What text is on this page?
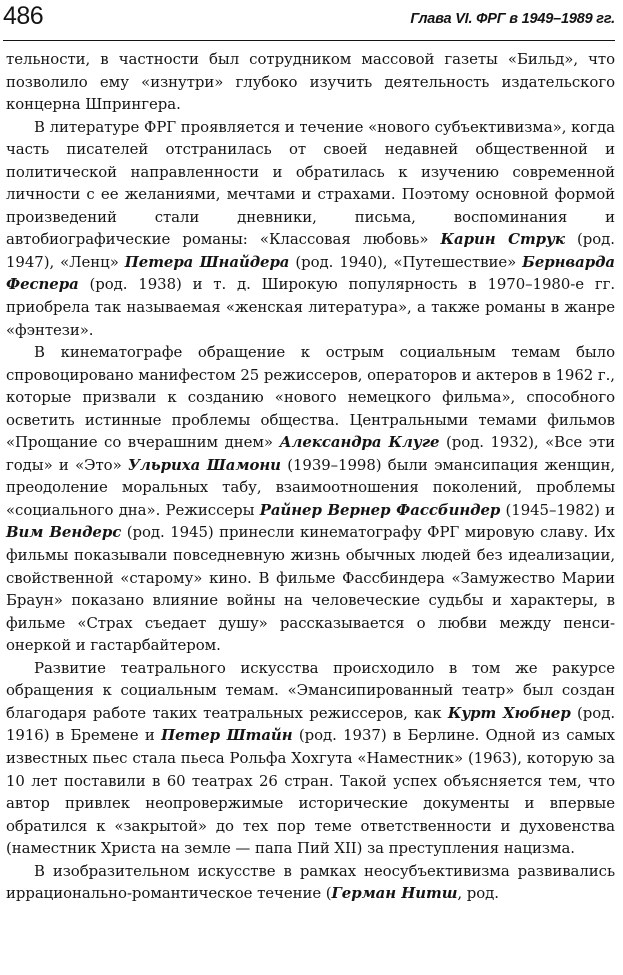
486	Глава VI. ФРГ в 1949–1989 гг.

тельности, в частности был сотрудником массовой газеты «Бильд», что позволило ему «изнутри» глубоко изучить деятельность издательского концерна Шпрингера.

В литературе ФРГ проявляется и течение «нового субъективизма», когда часть писателей отстранилась от своей недавней общественной и политической направленности и обратилась к изучению современной личности с ее желаниями, мечтами и страхами. Поэтому основной формой произведений стали дневники, письма, воспоминания и автобиографические романы: «Классовая любовь» Карин Струк (род. 1947), «Ленц» Петера Шнайдера (род. 1940), «Путешествие» Бернварда Феспера (род. 1938) и т. д. Широкую популярность в 1970–1980-е гг. приобрела так называемая «женская литература», а также романы в жанре «фэнтези».

В кинематографе обращение к острым социальным темам было спровоцировано манифестом 25 режиссеров, операторов и актеров в 1962 г., которые призвали к созданию «нового немецкого фильма», способного осветить истинные проблемы общества. Центральными темами фильмов «Прощание со вчерашним днем» Александра Клуге (род. 1932), «Все эти годы» и «Это» Ульриха Шамони (1939–1998) были эмансипация женщин, преодоление моральных табу, взаимоотношения поколений, проблемы «социального дна». Режиссеры Райнер Вернер Фассбиндер (1945–1982) и Вим Вендерс (род. 1945) принесли кинематографу ФРГ мировую славу. Их фильмы показывали повседневную жизнь обычных людей без идеализации, свойственной «старому» кино. В фильме Фассбиндера «Замужество Марии Браун» показано влияние войны на человеческие судьбы и характеры, в фильме «Страх съедает душу» рассказывается о любви между пенсионеркой и гастарбайтером.

Развитие театрального искусства происходило в том же ракурсе обращения к социальным темам. «Эмансипированный театр» был создан благодаря работе таких театральных режиссеров, как Курт Хюбнер (род. 1916) в Бремене и Петер Штайн (род. 1937) в Берлине. Одной из самых известных пьес стала пьеса Рольфа Хохгута «Наместник» (1963), которую за 10 лет поставили в 60 театрах 26 стран. Такой успех объясняется тем, что автор привлек неопровержимые исторические документы и впервые обратился к «закрытой» до тех пор теме ответственности и духовенства (наместник Христа на земле — папа Пий XII) за преступления нацизма.

В изобразительном искусстве в рамках неосубъективизма развивались иррационально-романтическое течение (Герман Нитш, род.
